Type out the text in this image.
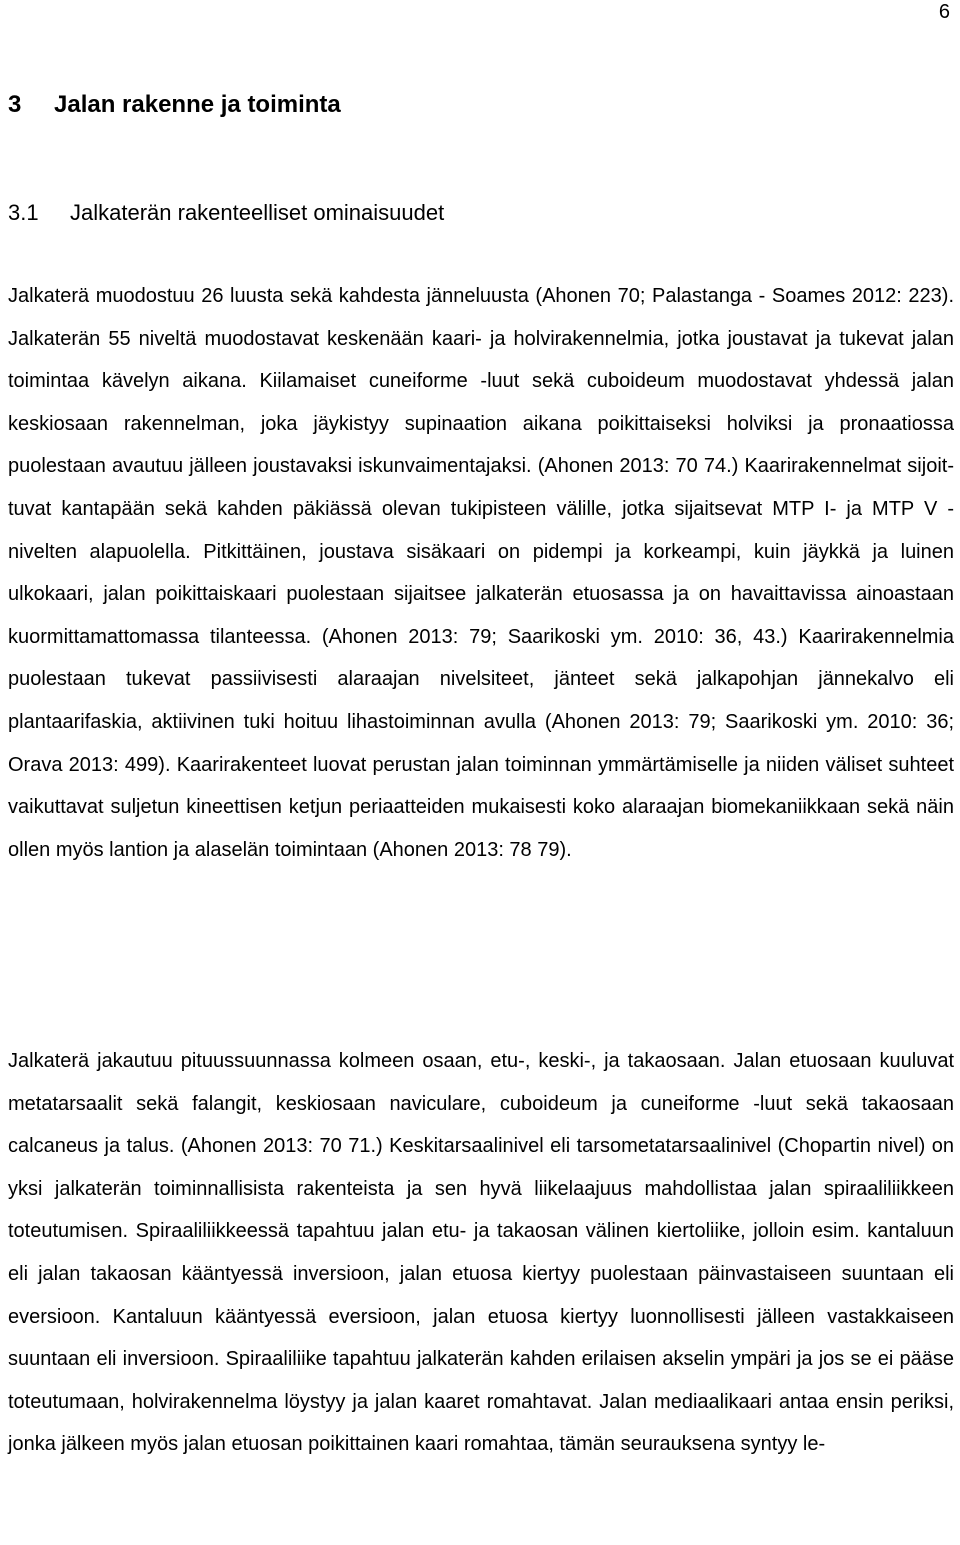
6
3 Jalan rakenne ja toiminta
3.1 Jalkaterän rakenteelliset ominaisuudet

Jalkaterä muodostuu 26 luusta sekä kahdesta jänneluusta (Ahonen 70; Palastanga - Soames 2012: 223). Jalkaterän 55 niveltä muodostavat keskenään kaari- ja holvirakennelmia, jotka joustavat ja tukevat jalan toimintaa kävelyn aikana. Kiilamaiset cuneiforme -luut sekä cuboideum muodostavat yhdessä jalan keskiosaan rakennelman, joka jäykistyy supinaation aikana poikittaiseksi holviksi ja pronaatiossa puolestaan avautuu jälleen joustavaksi iskunvaimentajaksi. (Ahonen 2013: 70 74.) Kaarirakennelmat sijoittuvat kantapään sekä kahden päkiässä olevan tukipisteen välille, jotka sijaitsevat MTP I- ja MTP V -nivelten alapuolella. Pitkittäinen, joustava sisäkaari on pidempi ja korkeampi, kuin jäykkä ja luinen ulkokaari, jalan poikittaiskaari puolestaan sijaitsee jalkaterän etuosassa ja on havaittavissa ainoastaan kuormittamattomassa tilanteessa. (Ahonen 2013: 79; Saarikoski ym. 2010: 36, 43.) Kaarirakennelmia puolestaan tukevat passiivisesti alaraajan nivelsiteet, jänteet sekä jalkapohjan jännekalvo eli plantaarifaskia, aktiivinen tuki hoituu lihastoiminnan avulla (Ahonen 2013: 79; Saarikoski ym. 2010: 36; Orava 2013: 499). Kaarirakenteet luovat perustan jalan toiminnan ymmärtämiselle ja niiden väliset suhteet vaikuttavat suljetun kineettisen ketjun periaatteiden mukaisesti koko alaraajan biomekaniikkaan sekä näin ollen myös lantion ja alaselän toimintaan (Ahonen 2013: 78 79).

Jalkaterä jakautuu pituussuunnassa kolmeen osaan, etu-, keski-, ja takaosaan. Jalan etuosaan kuuluvat metatarsaalit sekä falangit, keskiosaan naviculare, cuboideum ja cuneiforme -luut sekä takaosaan calcaneus ja talus. (Ahonen 2013: 70 71.) Keskitarsaalinivel eli tarsometatarsaalinivel (Chopartin nivel) on yksi jalkaterän toiminnallisista rakenteista ja sen hyvä liikelaajuus mahdollistaa jalan spiraaliliikkeen toteutumisen. Spiraaliliikkeessä tapahtuu jalan etu- ja takaosan välinen kiertoliike, jolloin esim. kantaluun eli jalan takaosan kääntyessä inversioon, jalan etuosa kiertyy puolestaan päinvastaiseen suuntaan eli eversioon. Kantaluun kääntyessä eversioon, jalan etuosa kiertyy luonnollisesti jälleen vastakkaiseen suuntaan eli inversioon. Spiraaliliike tapahtuu jalkaterän kahden erilaisen akselin ympäri ja jos se ei pääse toteutumaan, holvirakennelma löystyy ja jalan kaaret romahtavat. Jalan mediaalikaari antaa ensin periksi, jonka jälkeen myös jalan etuosan poikittainen kaari romahtaa, tämän seurauksena syntyy le-
